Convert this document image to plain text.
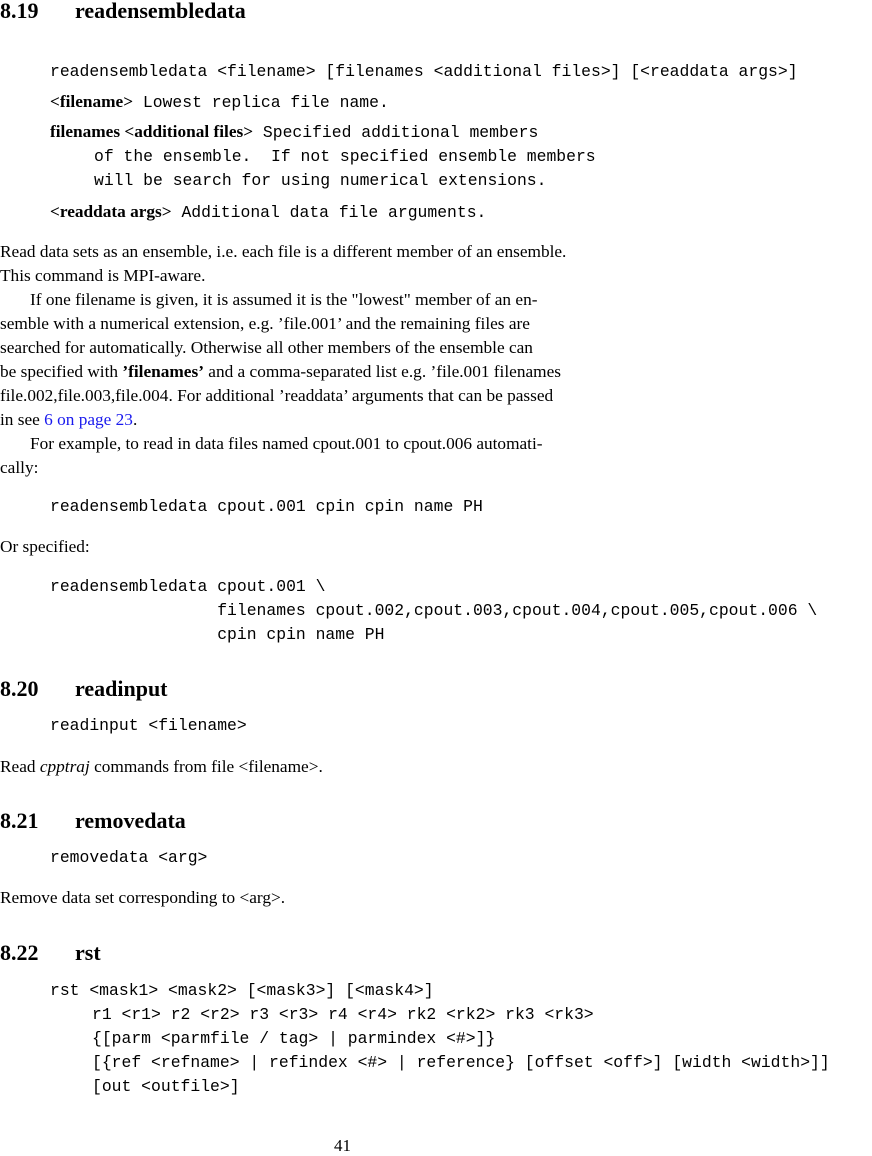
8.19 readensembledata
readensembledata <filename> [filenames <additional files>] [<readdata args>]
<filename> Lowest replica file name.
filenames <additional files> Specified additional members
of the ensemble.  If not specified ensemble members
will be search for using numerical extensions.
<readdata args> Additional data file arguments.
Read data sets as an ensemble, i.e. each file is a different member of an ensemble.
This command is MPI-aware.
If one filename is given, it is assumed it is the "lowest" member of an en-
semble with a numerical extension, e.g. ’file.001’ and the remaining files are
searched for automatically. Otherwise all other members of the ensemble can
be specified with ’filenames’ and a comma-separated list e.g. ’file.001 filenames
file.002,file.003,file.004. For additional ’readdata’ arguments that can be passed
in see 6 on page 23.
For example, to read in data files named cpout.001 to cpout.006 automati-
cally:
readensembledata cpout.001 cpin cpin name PH
Or specified:
readensembledata cpout.001 \
filenames cpout.002,cpout.003,cpout.004,cpout.005,cpout.006 \
cpin cpin name PH
8.20 readinput
readinput <filename>
Read cpptraj commands from file <filename>.
8.21 removedata
removedata <arg>
Remove data set corresponding to <arg>.
8.22 rst
rst <mask1> <mask2> [<mask3>] [<mask4>]
r1 <r1> r2 <r2> r3 <r3> r4 <r4> rk2 <rk2> rk3 <rk3>
{[parm <parmfile / tag> | parmindex <#>]}
[{ref <refname> | refindex <#> | reference} [offset <off>] [width <width>]]
[out <outfile>]
41
